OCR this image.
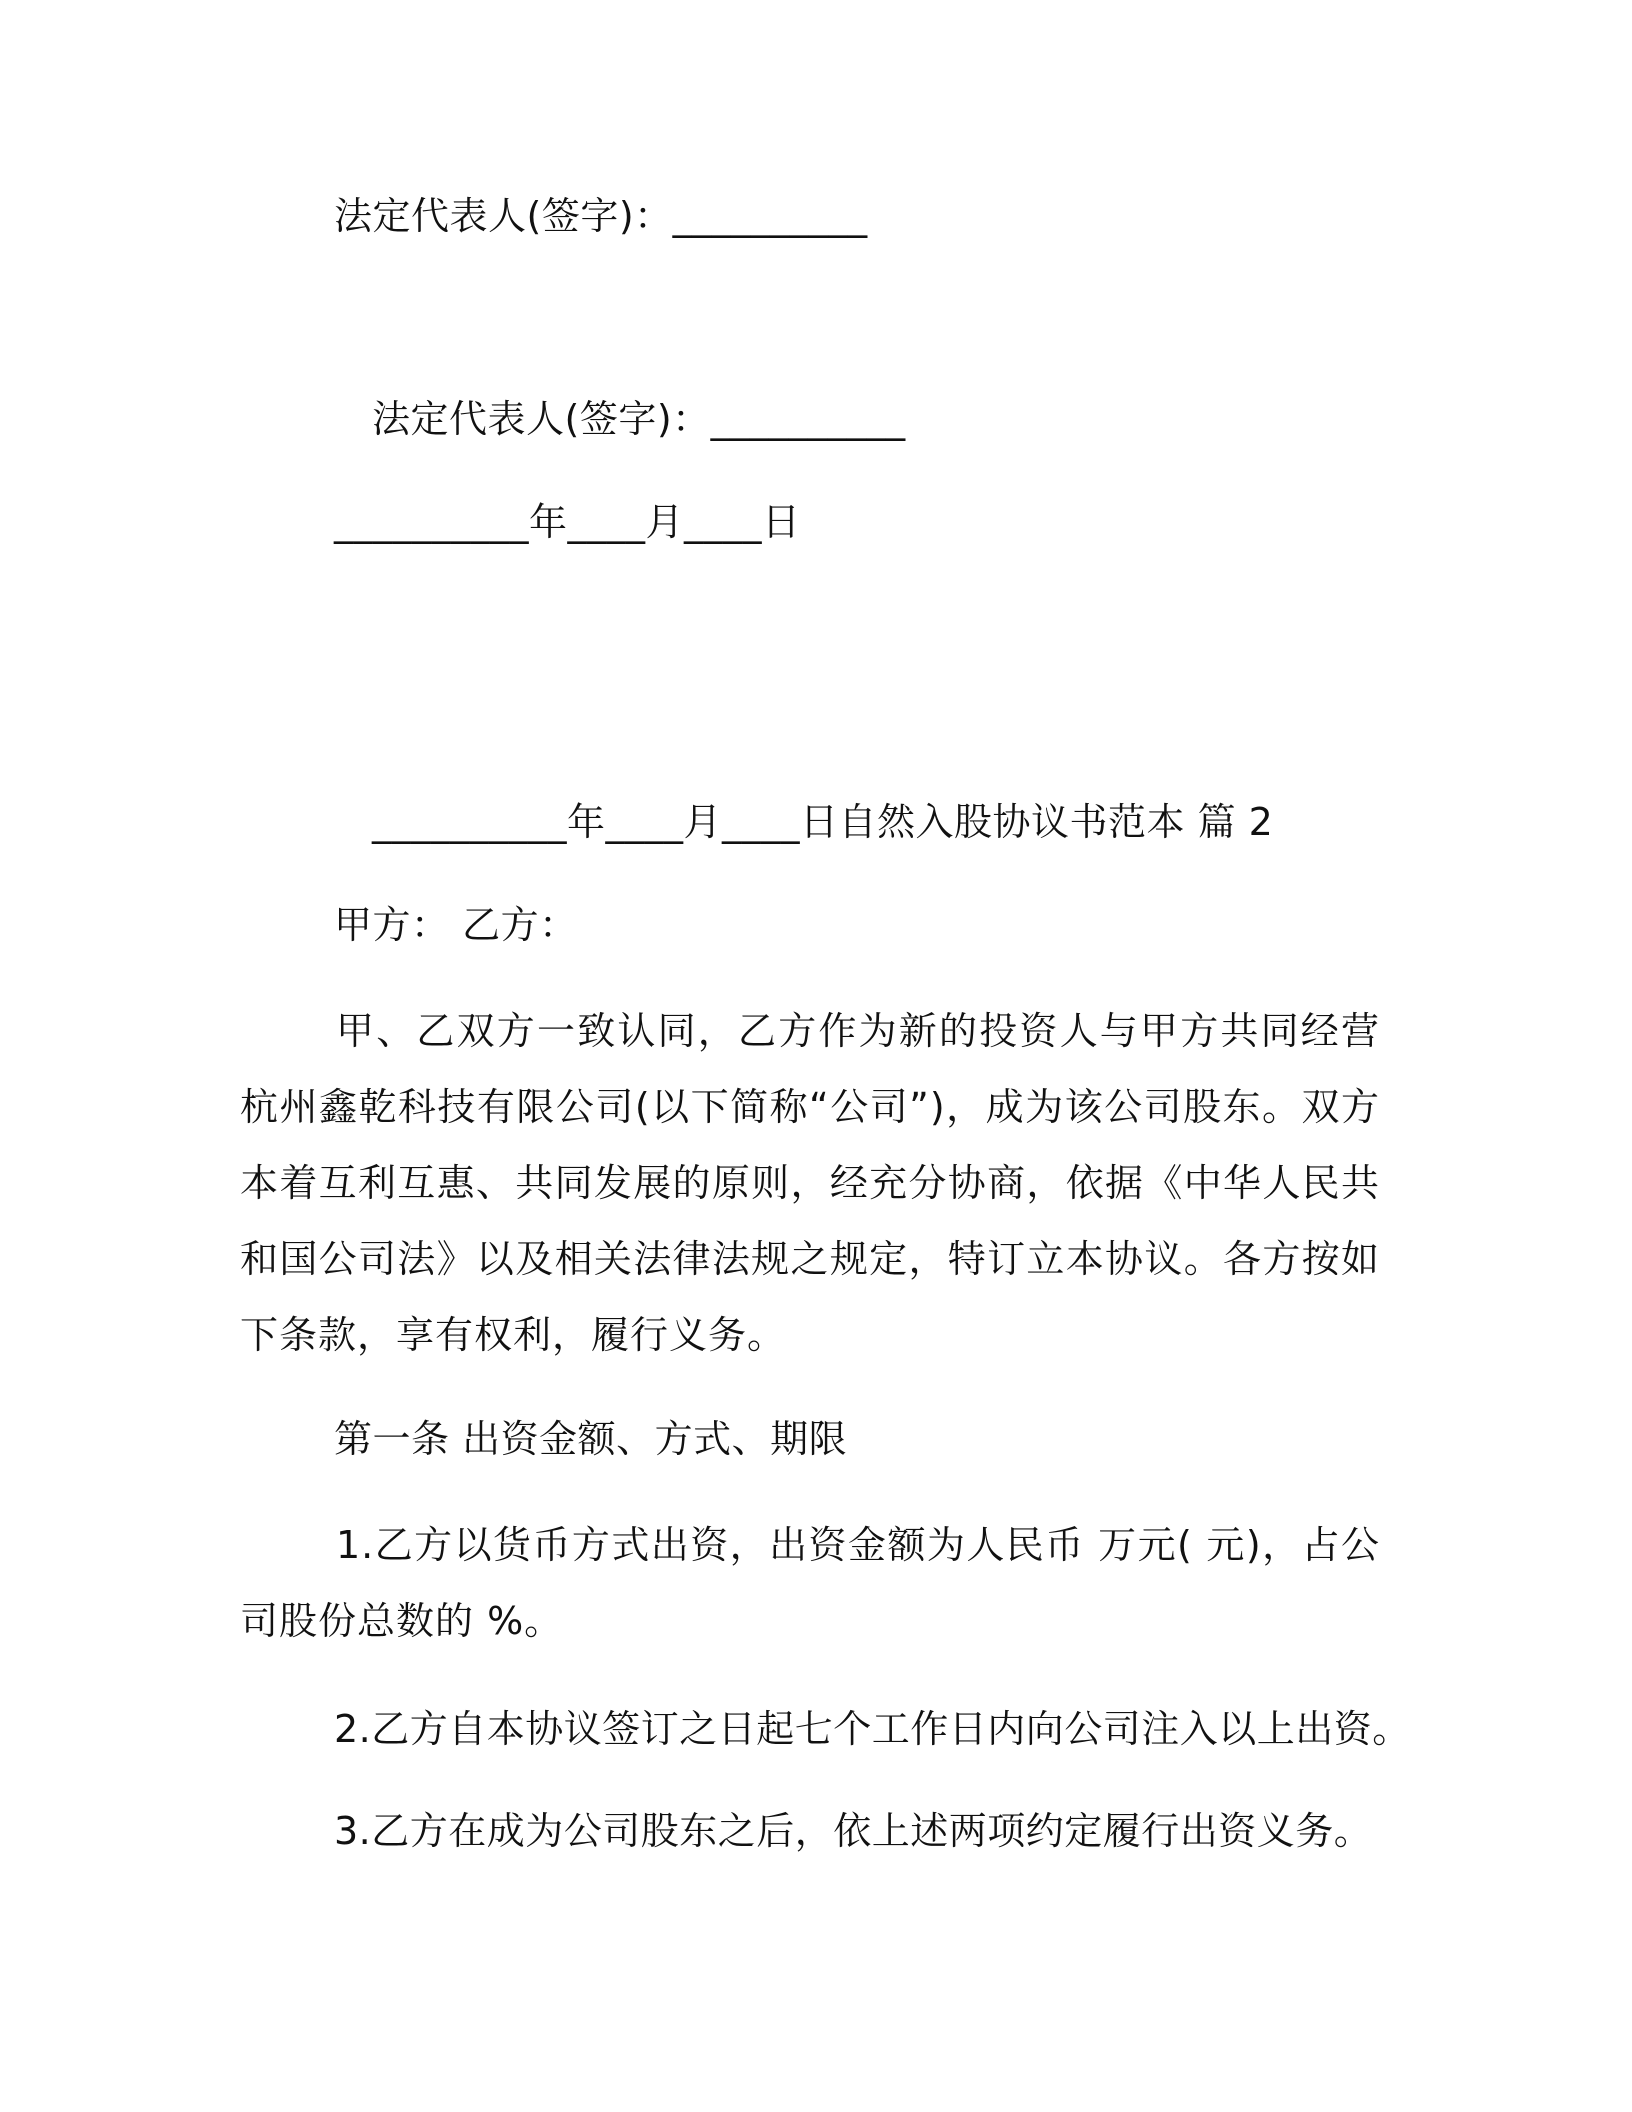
法定代表人(签字)：__________
法定代表人(签字)：__________
__________年____月____日
__________年____月____日自然入股协议书范本 篇 2
甲方： 乙方：
甲、乙双方一致认同，乙方作为新的投资人与甲方共同经营杭州鑫乾科技有限公司(以下简称“公司”)，成为该公司股东。双方本着互利互惠、共同发展的原则，经充分协商，依据《中华人民共和国公司法》以及相关法律法规之规定，特订立本协议。各方按如下条款，享有权利，履行义务。
第一条 出资金额、方式、期限
1.乙方以货币方式出资，出资金额为人民币 万元( 元)，占公司股份总数的 %。
2.乙方自本协议签订之日起七个工作日内向公司注入以上出资。
3.乙方在成为公司股东之后，依上述两项约定履行出资义务。
